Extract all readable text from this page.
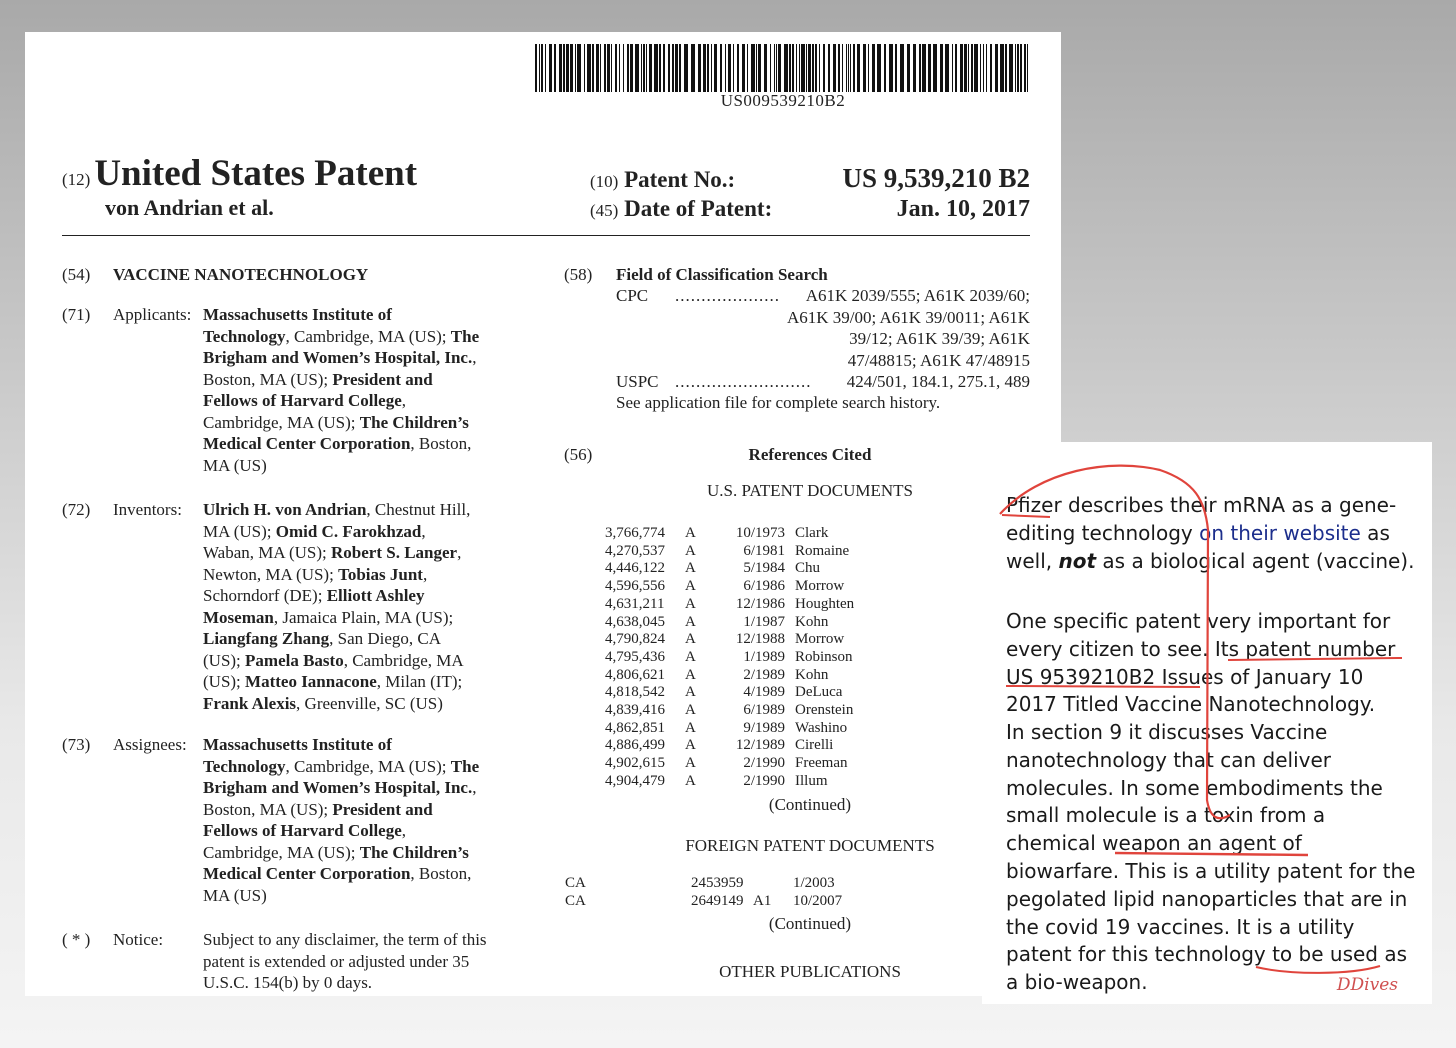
US009539210B2
(12) United States Patent
von Andrian et al.
(10)
Patent No.:	US 9,539,210 B2
(45)
Date of Patent:	Jan. 10, 2017
(54) VACCINE NANOTECHNOLOGY
(71) Applicants: Massachusetts Institute of
Technology, Cambridge, MA (US); The
Brigham and Women’s Hospital, Inc.,
Boston, MA (US); President and
Fellows of Harvard College,
Cambridge, MA (US); The Children’s
Medical Center Corporation, Boston,
MA (US)
(72) Inventors: Ulrich H. von Andrian, Chestnut Hill,
MA (US); Omid C. Farokhzad,
Waban, MA (US); Robert S. Langer,
Newton, MA (US); Tobias Junt,
Schorndorf (DE); Elliott Ashley
Moseman, Jamaica Plain, MA (US);
Liangfang Zhang, San Diego, CA
(US); Pamela Basto, Cambridge, MA
(US); Matteo Iannacone, Milan (IT);
Frank Alexis, Greenville, SC (US)
(73) Assignees: Massachusetts Institute of
Technology, Cambridge, MA (US); The
Brigham and Women’s Hospital, Inc.,
Boston, MA (US); President and
Fellows of Harvard College,
Cambridge, MA (US); The Children’s
Medical Center Corporation, Boston,
MA (US)
( * ) Notice: Subject to any disclaimer, the term of this
patent is extended or adjusted under 35
U.S.C. 154(b) by 0 days.
(58) Field of Classification Search
CPC ....................	A61K 2039/555; A61K 2039/60;
A61K 39/00; A61K 39/0011; A61K
39/12; A61K 39/39; A61K
47/48815; A61K 47/48915
USPC .......................... 424/501, 184.1, 275.1, 489
See application file for complete search history.
(56)	References Cited
U.S. PATENT DOCUMENTS
3,766,774	A	10/1973 Clark
4,270,537	A	6/1981 Romaine
4,446,122	A	5/1984 Chu
4,596,556	A	6/1986 Morrow
4,631,211	A	12/1986 Houghten
4,638,045	A	1/1987 Kohn
4,790,824	A	12/1988 Morrow
4,795,436	A	1/1989 Robinson
4,806,621	A	2/1989 Kohn
4,818,542	A	4/1989 DeLuca
4,839,416	A	6/1989 Orenstein
4,862,851	A	9/1989 Washino
4,886,499	A	12/1989 Cirelli
4,902,615	A	2/1990 Freeman
4,904,479	A	2/1990 Illum
(Continued)
FOREIGN PATENT DOCUMENTS
CA	2453959	1/2003
CA	2649149 A1	10/2007
(Continued)
OTHER PUBLICATIONS
Pfizer describes their mRNA as a gene-editing technology on their website as well, not as a biological agent (vaccine).
One specific patent very important for every citizen to see. Its patent number US 9539210B2 Issues of January 10 2017 Titled Vaccine Nanotechnology.
In section 9 it discusses Vaccine nanotechnology that can deliver molecules. In some embodiments the small molecule is a toxin from a chemical weapon an agent of biowarfare. This is a utility patent for the pegolated lipid nanoparticles that are in the covid 19 vaccines. It is a utility patent for this technology to be used as a bio-weapon.	DDives
